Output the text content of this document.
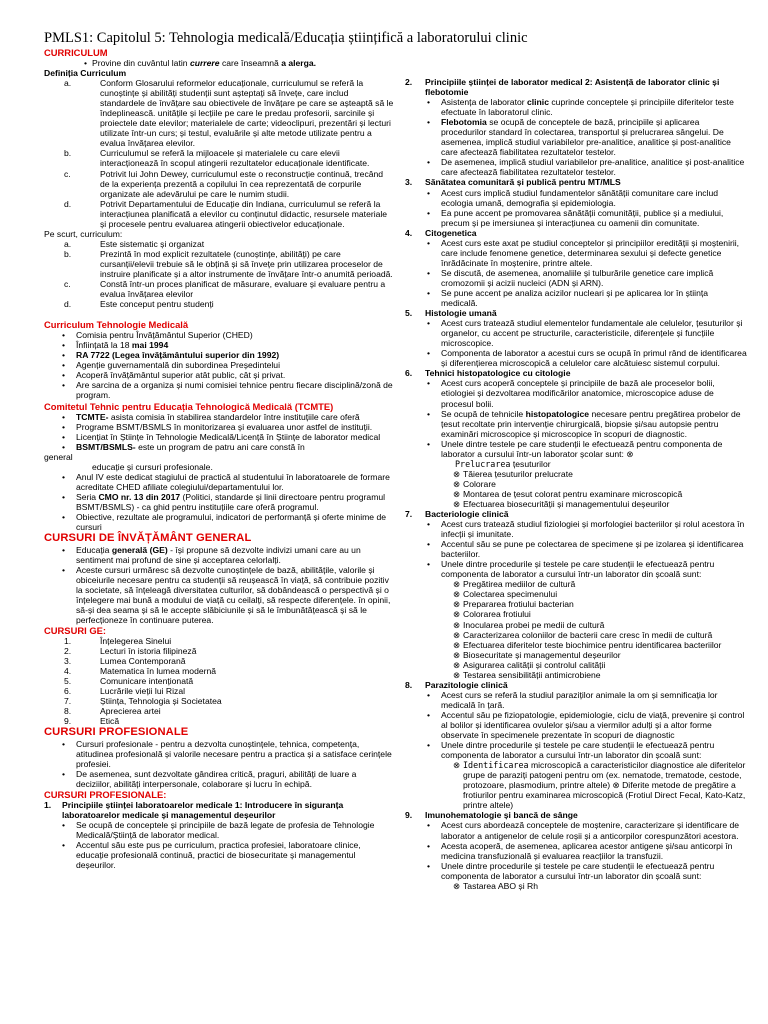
PMLS1: Capitolul 5: Tehnologia medicală/Educația științifică a laboratorului clinic
CURRICULUM
• Provine din cuvântul latin currere care înseamnă a alerga.
Definiția Curriculum
a.	Conform Glosarului reformelor educaționale, curriculumul se referă la cunoștințe și abilități studenții sunt așteptați să învețe, care includ standardele de învățare sau obiectivele de învățare pe care se așteaptă să le îndeplinească. unitățile și lecțiile pe care le predau profesorii, sarcinile și proiectele date elevilor; materialele de carte; videoclipuri, prezentări și lecturi utilizate într-un curs; și testul, evaluările și alte metode utilizate pentru a evalua învățarea elevilor.
b.	Curriculumul se referă la mijloacele și materialele cu care elevii interacționează în scopul atingerii rezultatelor educaționale identificate.
c.	Potrivit lui John Dewey, curriculumul este o reconstrucție continuă, trecând de la experiența prezentă a copilului în cea reprezentată de corpurile organizate ale adevărului pe care le numim studii.
d.	Potrivit Departamentului de Educație din Indiana, curriculumul se referă la interacțiunea planificată a elevilor cu conținutul didactic, resursele materiale și procesele pentru evaluarea atingerii obiectivelor educaționale.
Pe scurt, curriculum:
a.	Este sistematic și organizat
b.	Prezintă în mod explicit rezultatele (cunoștințe, abilități) pe care cursanții/elevii trebuie să le obțină și să învețe prin utilizarea proceselor de instruire planificate și a altor instrumente de învățare într-o anumită perioadă.
c.	Constă într-un proces planificat de măsurare, evaluare și evaluare pentru a evalua învățarea elevilor
d.	Este conceput pentru studenți
Curriculum Tehnologie Medicală
•	Comisia pentru Învățământul Superior (CHED)
•	Înființată la 18 mai 1994
•	RA 7722 (Legea învățământului superior din 1992)
•	Agenție guvernamentală din subordinea Președintelui
•	Acoperă învățământul superior atât public, cât și privat.
•	Are sarcina de a organiza și numi comisiei tehnice pentru fiecare disciplină/zonă de program.
Comitetul Tehnic pentru Educația Tehnologică Medicală (TCMTE)
•	TCMTE- asista comisia în stabilirea standardelor între instituțiile care oferă
•	Programe BSMT/BSMLS în monitorizarea și evaluarea unor astfel de instituții.
•	Licențiat în Științe în Tehnologie Medicală/Licență în Științe de laborator medical
•	BSMT/BSMLS- este un program de patru ani care constă în
general
educație și cursuri profesionale.
•	Anul IV este dedicat stagiului de practică al studentului în laboratoarele de formare acreditate CHED afiliate colegiului/departamentului lor.
•	Seria CMO nr. 13 din 2017 (Politici, standarde și linii directoare pentru programul BSMT/BSMLS) - ca ghid pentru instituțiile care oferă programul.
•	Obiective, rezultate ale programului, indicatori de performanță și oferte minime de cursuri
CURSURI DE ÎNVĂȚĂMÂNT GENERAL
•	Educația generală (GE) - își propune să dezvolte indivizi umani care au un sentiment mai profund de sine și acceptarea celorlalți.
•	Aceste cursuri urmăresc să dezvolte cunoștințele de bază, abilitățile, valorile și obiceiurile necesare pentru ca studenții să reușească în viață, să contribuie pozitiv la societate, să înțeleagă diversitatea culturilor, să dobândească o perspectivă și o înțelegere mai bună a modului de viață cu ceilalți, să respecte diferențele. în opinii, să-și dea seama și să le accepte slăbiciunile și să le îmbunătățească și să le perfecționeze în continuare puterea.
CURSURI GE:
1.	Înțelegerea Sinelui
2.	Lecturi în istoria filipineză
3.	Lumea Contemporană
4.	Matematica în lumea modernă
5.	Comunicare intenționată
6.	Lucrările vieții lui Rizal
7.	Știința, Tehnologia și Societatea
8.	Aprecierea artei
9.	Etică
CURSURI PROFESIONALE
•	Cursuri profesionale - pentru a dezvolta cunoștințele, tehnica, competența, atitudinea profesională și valorile necesare pentru a practica și a satisface cerințele profesiei.
•	De asemenea, sunt dezvoltate gândirea critică, praguri, abilități de luare a deciziilor, abilități interpersonale, colaborare și lucru în echipă.
CURSURI PROFESIONALE:
1.	Principiile științei laboratoarelor medicale 1: Introducere în siguranța laboratoarelor medicale și managementul deșeurilor
•	Se ocupă de conceptele și principiile de bază legate de profesia de Tehnologie Medicală/Știință de laborator medical.
•	Accentul său este pus pe curriculum, practica profesiei, laboratoare clinice, educație profesională continuă, practici de biosecuritate și managementul deșeurilor.
2.	Principiile științei de laborator medical 2: Asistență de laborator clinic și flebotomie
•	Asistența de laborator clinic cuprinde conceptele și principiile diferitelor teste efectuate în laboratorul clinic.
•	Flebotomia se ocupă de conceptele de bază, principiile și aplicarea procedurilor standard în colectarea, transportul și prelucrarea sângelui. De asemenea, implică studiul variabilelor pre-analitice, analitice și post-analitice care afectează fiabilitatea rezultatelor testelor.
•	De asemenea, implică studiul variabilelor pre-analitice, analitice și post-analitice care afectează fiabilitatea rezultatelor testelor.
3.	Sănătatea comunitară și publică pentru MT/MLS
•	Acest curs implică studiul fundamentelor sănătății comunitare care includ ecologia umană, demografia și epidemiologia.
•	Ea pune accent pe promovarea sănătății comunității, publice și a mediului, precum și pe imersiunea și interacțiunea cu oamenii din comunitate.
4.	Citogenetica
•	Acest curs este axat pe studiul conceptelor și principiilor eredității și moștenirii, care include fenomene genetice, determinarea sexului și defecte genetice înrădăcinate în moștenire, printre altele.
•	Se discută, de asemenea, anomaliile și tulburările genetice care implică cromozomii și acizii nucleici (ADN și ARN).
•	Se pune accent pe analiza acizilor nucleari și pe aplicarea lor în știința medicală.
5.	Histologie umană
•	Acest curs tratează studiul elementelor fundamentale ale celulelor, țesuturilor și organelor, cu accent pe structurile, caracteristicile, diferențele și funcțiile microscopice.
•	Componenta de laborator a acestui curs se ocupă în primul rând de identificarea și diferențierea microscopică a celulelor care alcătuiesc sistemul corpului.
6.	Tehnici histopatologice cu citologie
•	Acest curs acoperă conceptele și principiile de bază ale proceselor bolii, etiologiei și dezvoltarea modificărilor anatomice, microscopice aduse de procesul bolii.
•	Se ocupă de tehnicile histopatologice necesare pentru pregătirea probelor de țesut recoltate prin intervenție chirurgicală, biopsie și/sau autopsie pentru examinări microscopice și microscopice în scopuri de diagnostic.
•	Unele dintre testele pe care studenții le efectuează pentru componenta de laborator a cursului într-un laborator școlar sunt: ⊗
Prelucrarea țesuturilor
⊗ Tăierea țesuturilor prelucrate
⊗ Colorare
⊗ Montarea de țesut colorat pentru examinare microscopică
⊗ Efectuarea biosecurității și managementului deșeurilor
7.	Bacteriologie clinică
•	Acest curs tratează studiul fiziologiei și morfologiei bacteriilor și rolul acestora în infecții și imunitate.
•	Accentul său se pune pe colectarea de specimene și pe izolarea și identificarea bacteriilor.
•	Unele dintre procedurile și testele pe care studenții le efectuează pentru componenta de laborator a cursului într-un laborator din școală sunt:
⊗ Pregătirea mediilor de cultură
⊗ Colectarea specimenului
⊗ Prepararea frotiului bacterian
⊗ Colorarea frotiului
⊗ Inocularea probei pe medii de cultură
⊗ Caracterizarea coloniilor de bacterii care cresc în medii de cultură
⊗ Efectuarea diferitelor teste biochimice pentru identificarea bacteriilor
⊗ Biosecuritate și managementul deșeurilor
⊗ Asigurarea calității și controlul calității
⊗ Testarea sensibilității antimicrobiene
8.	Parazitologie clinică
•	Acest curs se referă la studiul paraziților animale la om și semnificația lor medicală în țară.
•	Accentul său pe fiziopatologie, epidemiologie, ciclu de viață, prevenire și control al bolilor și identificarea ovulelor și/sau a viermilor adulți și a altor forme observate în specimenele prezentate în scopuri de diagnostic
•	Unele dintre procedurile și testele pe care studenții le efectuează pentru componenta de laborator a cursului într-un laborator din școală sunt:
⊗ Identificarea microscopică a caracteristicilor diagnostice ale diferitelor grupe de paraziți patogeni pentru om (ex. nematode, trematode, cestode, protozoare, plasmodium, printre altele) ⊗ Diferite metode de pregătire a frotiurilor pentru examinarea microscopică (Frotiul Direct Fecal, Kato-Katz, printre altele)
9.	Imunohematologie și bancă de sânge
•	Acest curs abordează conceptele de moștenire, caracterizare și identificare de laborator a antigenelor de celule roșii și a anticorpilor corespunzători acestora.
•	Acesta acoperă, de asemenea, aplicarea acestor antigene și/sau anticorpi în medicina transfuzională și evaluarea reacțiilor la transfuzii.
•	Unele dintre procedurile și testele pe care studenții le efectuează pentru componenta de laborator a cursului într-un laborator din școală sunt:
⊗ Tastarea ABO și Rh
